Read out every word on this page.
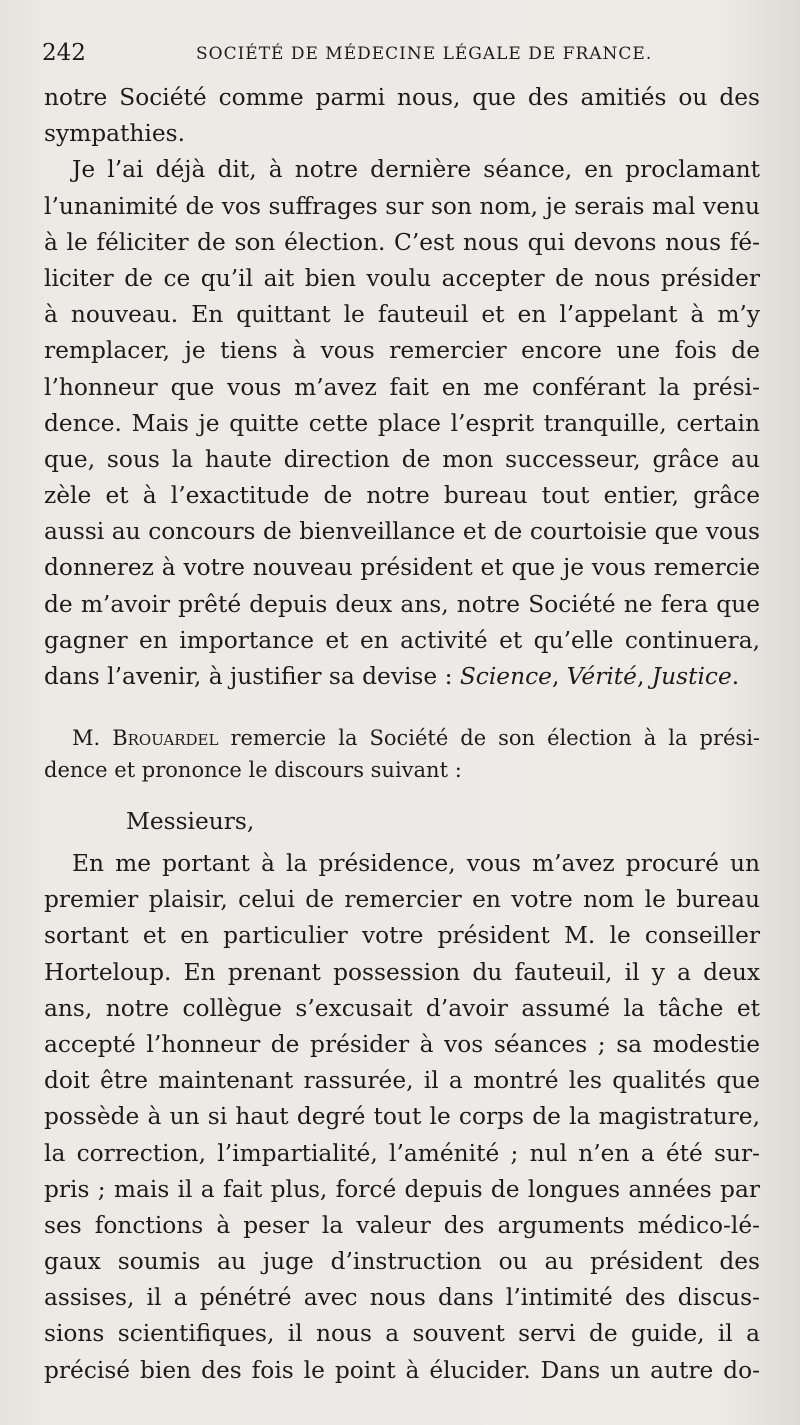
242	SOCIÉTÉ DE MÉDECINE LÉGALE DE FRANCE.
notre Société comme parmi nous, que des amitiés ou des
sympathies.
Je l’ai déjà dit, à notre dernière séance, en proclamant
l’unanimité de vos suffrages sur son nom, je serais mal venu
à le féliciter de son élection. C’est nous qui devons nous fé-
liciter de ce qu’il ait bien voulu accepter de nous présider
à nouveau. En quittant le fauteuil et en l’appelant à m’y
remplacer, je tiens à vous remercier encore une fois de
l’honneur que vous m’avez fait en me conférant la prési-
dence. Mais je quitte cette place l’esprit tranquille, certain
que, sous la haute direction de mon successeur, grâce au
zèle et à l’exactitude de notre bureau tout entier, grâce
aussi au concours de bienveillance et de courtoisie que vous
donnerez à votre nouveau président et que je vous remercie
de m’avoir prêté depuis deux ans, notre Société ne fera que
gagner en importance et en activité et qu’elle continuera,
dans l’avenir, à justifier sa devise : Science, Vérité, Justice.
M. Brouardel remercie la Société de son élection à la prési-
dence et prononce le discours suivant :
Messieurs,
En me portant à la présidence, vous m’avez procuré un
premier plaisir, celui de remercier en votre nom le bureau
sortant et en particulier votre président M. le conseiller
Horteloup. En prenant possession du fauteuil, il y a deux
ans, notre collègue s’excusait d’avoir assumé la tâche et
accepté l’honneur de présider à vos séances ; sa modestie
doit être maintenant rassurée, il a montré les qualités que
possède à un si haut degré tout le corps de la magistrature,
la correction, l’impartialité, l’aménité ; nul n’en a été sur-
pris ; mais il a fait plus, forcé depuis de longues années par
ses fonctions à peser la valeur des arguments médico-lé-
gaux soumis au juge d’instruction ou au président des
assises, il a pénétré avec nous dans l’intimité des discus-
sions scientifiques, il nous a souvent servi de guide, il a
précisé bien des fois le point à élucider. Dans un autre do-
